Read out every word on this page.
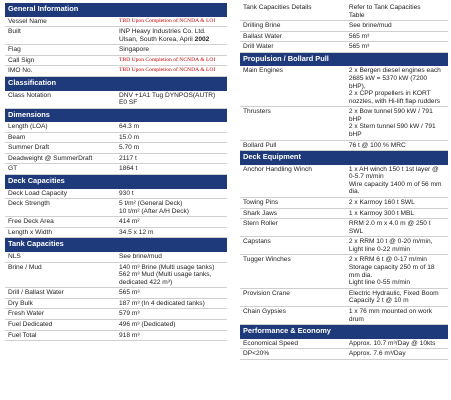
General Information	
Vessel Name	TBD Upon Completion of NCNDA & LOI

Built	INP Heavy Industries Co. Ltd.
Ulsan, South Korea, April 2002
Flag	Singapore

Call Sign	TBD Upon Completion of NCNDA & LOI

IMO No.	TBD Upon Completion of NCNDA & LOI

Classification	
Class Notation	DNV +1A1 Tug DYNPOS(AUTR)
E0 SF

Dimensions	
Length (LOA)	64.3 m

Beam	15.0 m

Summer Draft	5.70 m

Deadweight @ SummerDraft	2117 t

GT	1864 t

Deck Capacities	
Deck Load Capacity	930 t

Deck Strength	5 t/m² (General Deck)
10 t/m² (After A/H Deck)

Free Deck Area	414 m²

Length x Width	34.5 x 12 m

Tank Capacities	
NLS	See brine/mud

Brine / Mud	140 m³ Brine (Multi usage tanks)
562 m³ Mud (Multi usage tanks, dedicated 422 m³)

Drill / Ballast Water	565 m³

Dry Bulk	187 m³ (In 4 dedicated tanks)

Fresh Water	579 m³

Fuel Dedicated	496 m³ (Dedicated)

Fuel Total	918 m³
Tank Capacities Details	Refer to Tank Capacities
Table

Drilling Brine	See brine/mud

Ballast Water	565 m³

Drill Water	565 m³

Propulsion / Bollard Pull	
Main Engines	2 x Bergen diesel engines each 2685 kW = 5370 kW (7200 bHP),
2 x CPP propellers in KORT nozzles, with Hi-lift flap rudders

Thrusters	2 x Bow tunnel 590 kW / 791 bHP
2 x Stern tunnel 590 kW / 791 bHP

Bollard Pull	76 t @ 100 % MRC

Deck Equipment	
Anchor Handling Winch	1 x AH winch 150 t 1st layer @ 0-5.7 m/min
Wire capacity 1400 m of 56 mm dia.

Towing Pins	2 x Karmoy 160 t SWL

Shark Jaws	1 x Karmoy 300 t MBL

Stern Roller	RRM 2.0 m x 4.0 m @ 250 t SWL

Capstans	2 x RRM 10 t @ 0-20 m/min,
Light line 0-22 m/min

Tugger Winches	2 x RRM 6 t @ 0-17 m/min
Storage capacity 250 m of 18 mm dia.
Light line 0-55 m/min

Provision Crane	Electric Hydraulic, Fixed Boom
Capacity 2 t @ 10 m

Chain Gypsies	1 x 76 mm mounted on work drum

Performance & Economy	
Economical Speed	Approx. 10.7 m³/Day @ 10kts

DP<20%	Approx. 7.6 m³/Day
